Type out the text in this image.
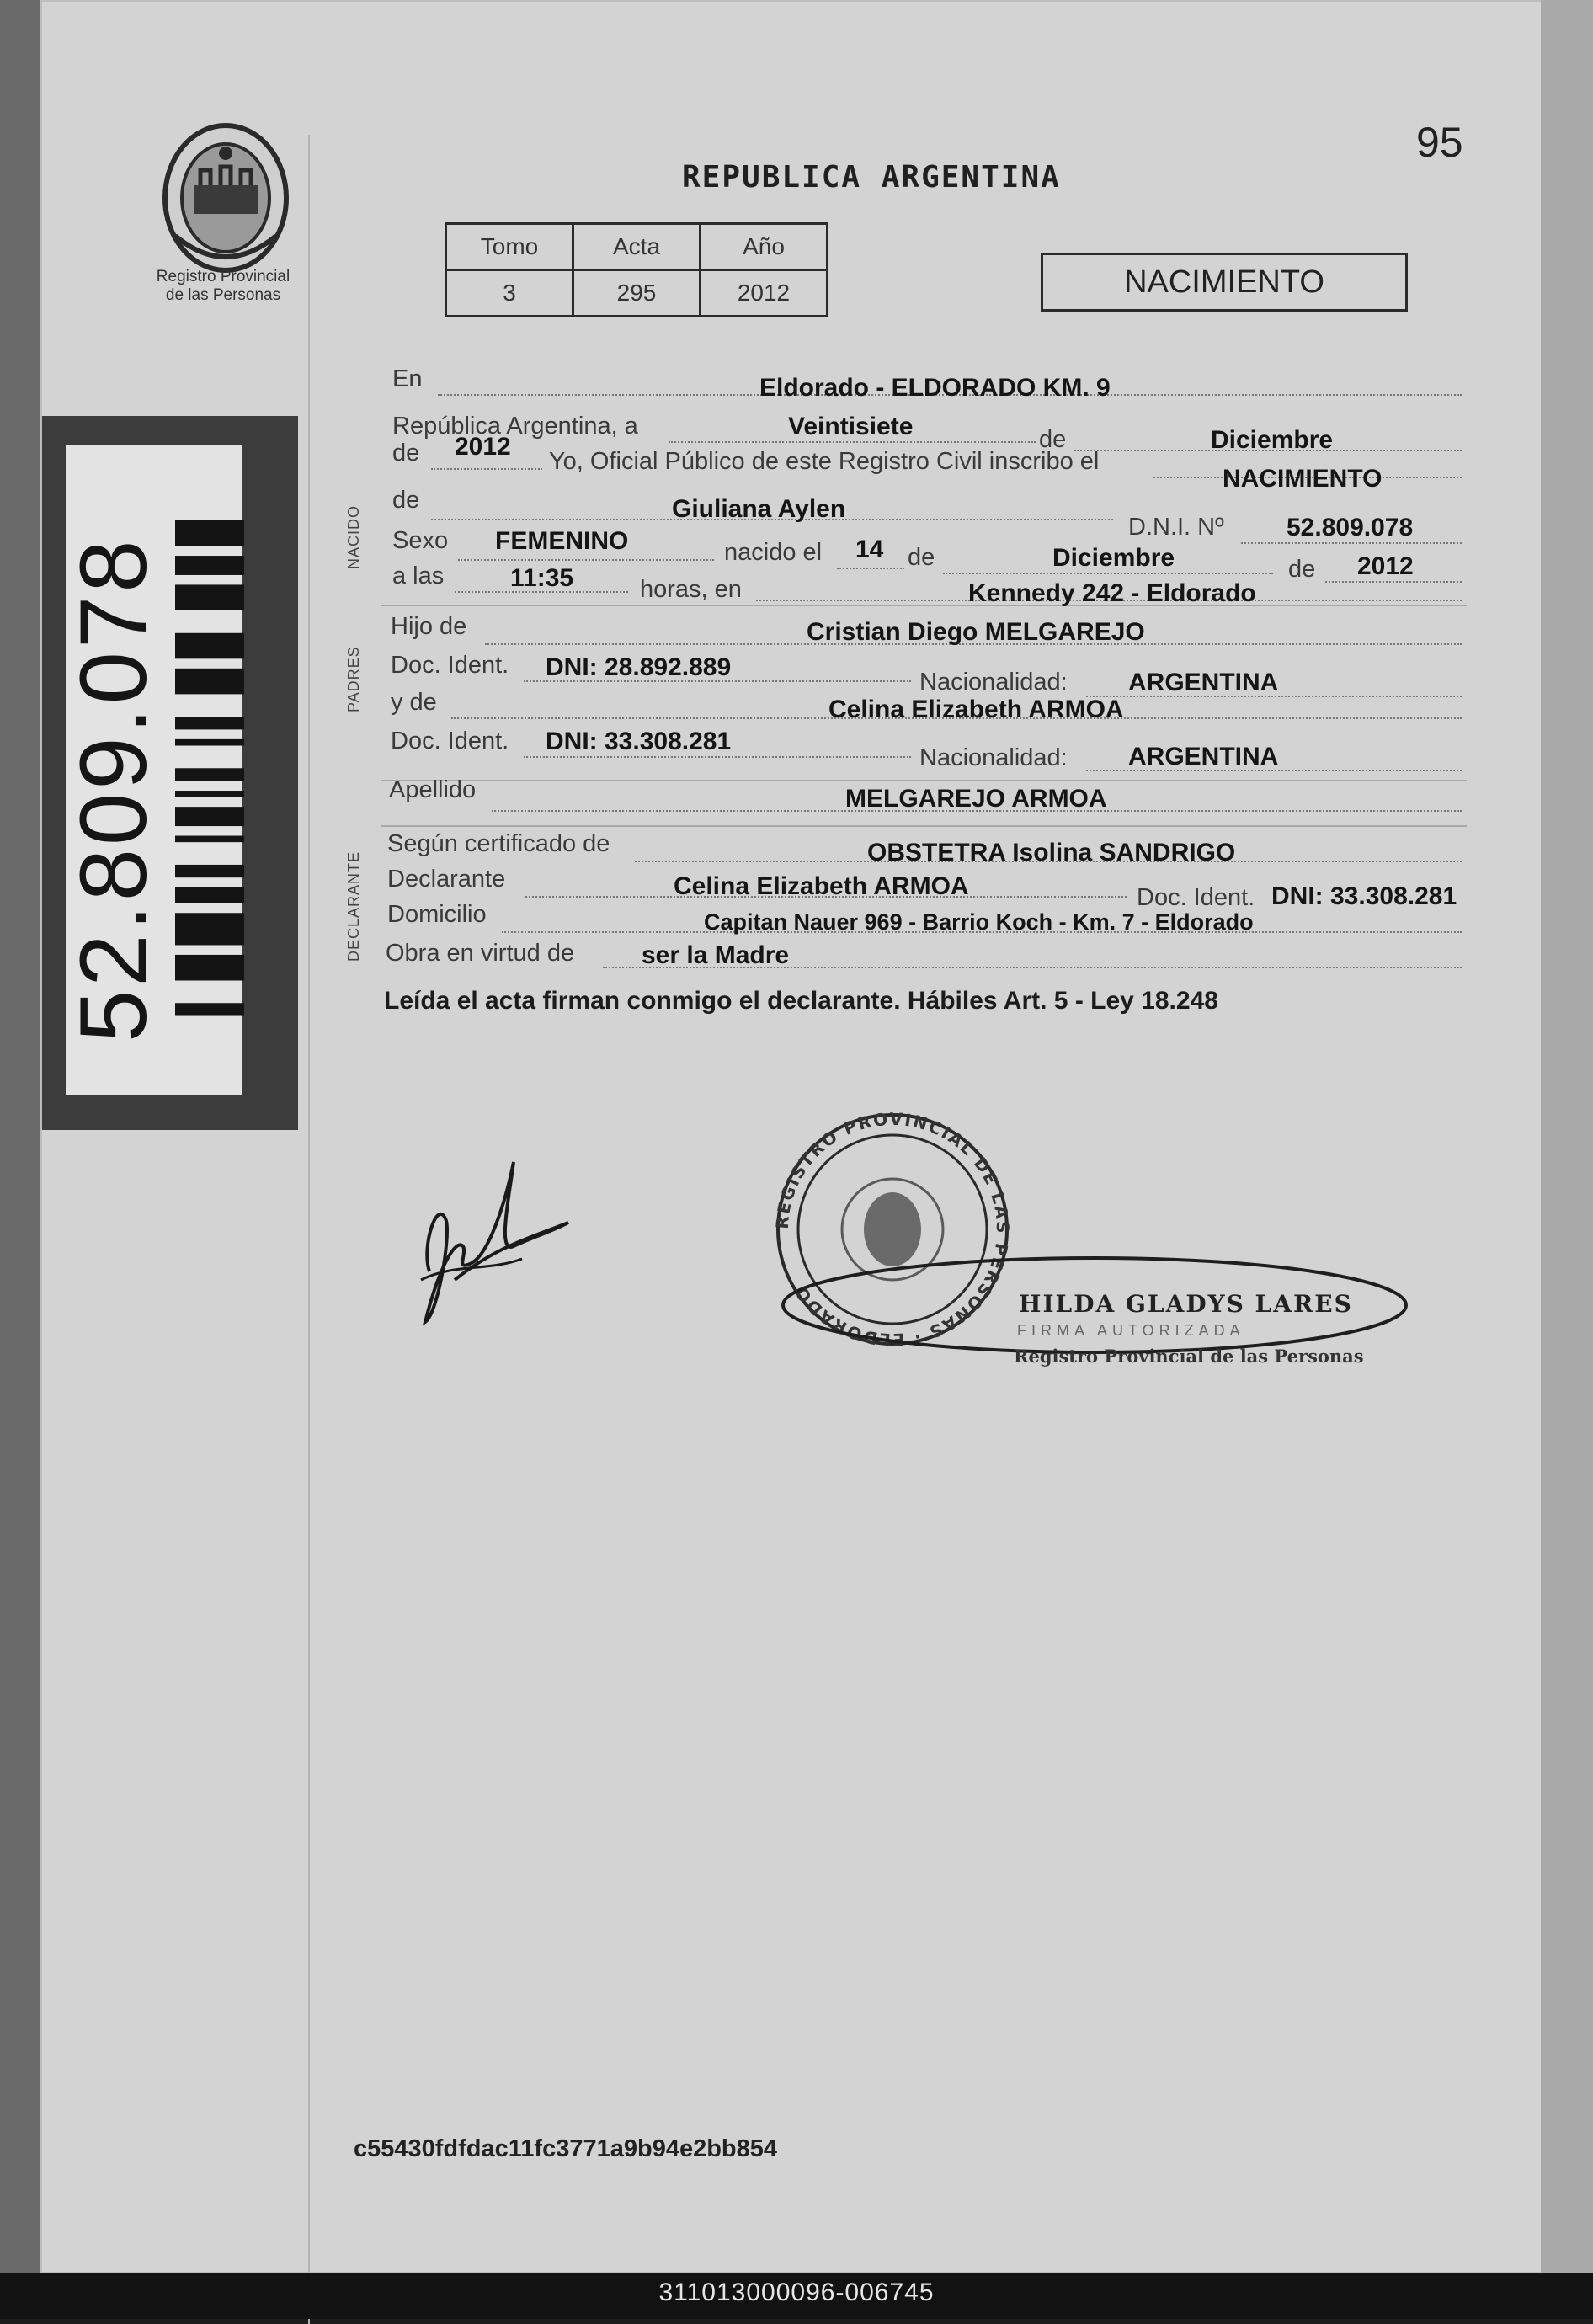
95
Registro Provincial
de las Personas
REPUBLICA ARGENTINA
Tomo	Acta	Año
3	295	2012	NACIMIENTO
52.809.078	NACIDO
PADRES
DECLARANTE
En	Eldorado - ELDORADO KM. 9
República Argentina, a	Veintisiete	de	Diciembre
de 2012
Yo, Oficial Público de este Registro Civil inscribo el
NACIMIENTO
de	Giuliana Aylen
D.N.I. Nº 52.809.078
Sexo FEMENINO	nacido el 14 de	Diciembre	de 2012
a las	11:35	horas, en	Kennedy 242 - Eldorado
Hijo de	Cristian Diego MELGAREJO
Doc. Ident. DNI: 28.892.889
Nacionalidad: ARGENTINA
y de	Celina Elizabeth ARMOA
Doc. Ident. DNI: 33.308.281
Nacionalidad: ARGENTINA
Apellido	MELGAREJO ARMOA
Según certificado de	OBSTETRA Isolina SANDRIGO
Declarante	Celina Elizabeth ARMOA	Doc. Ident. DNI: 33.308.281
Domicilio	Capitan Nauer 969 - Barrio Koch - Km. 7 - Eldorado
Obra en virtud de	ser la Madre
Leída el acta firman conmigo el declarante. Hábiles Art. 5 - Ley 18.248
REGISTRO PROVINCIAL DE LAS PERSONAS · ELDORADO	HILDA GLADYS LARES
FIRMA AUTORIZADA
Registro Provincial de las Personas
c55430fdfdac11fc3771a9b94e2bb854
311013000096-006745
